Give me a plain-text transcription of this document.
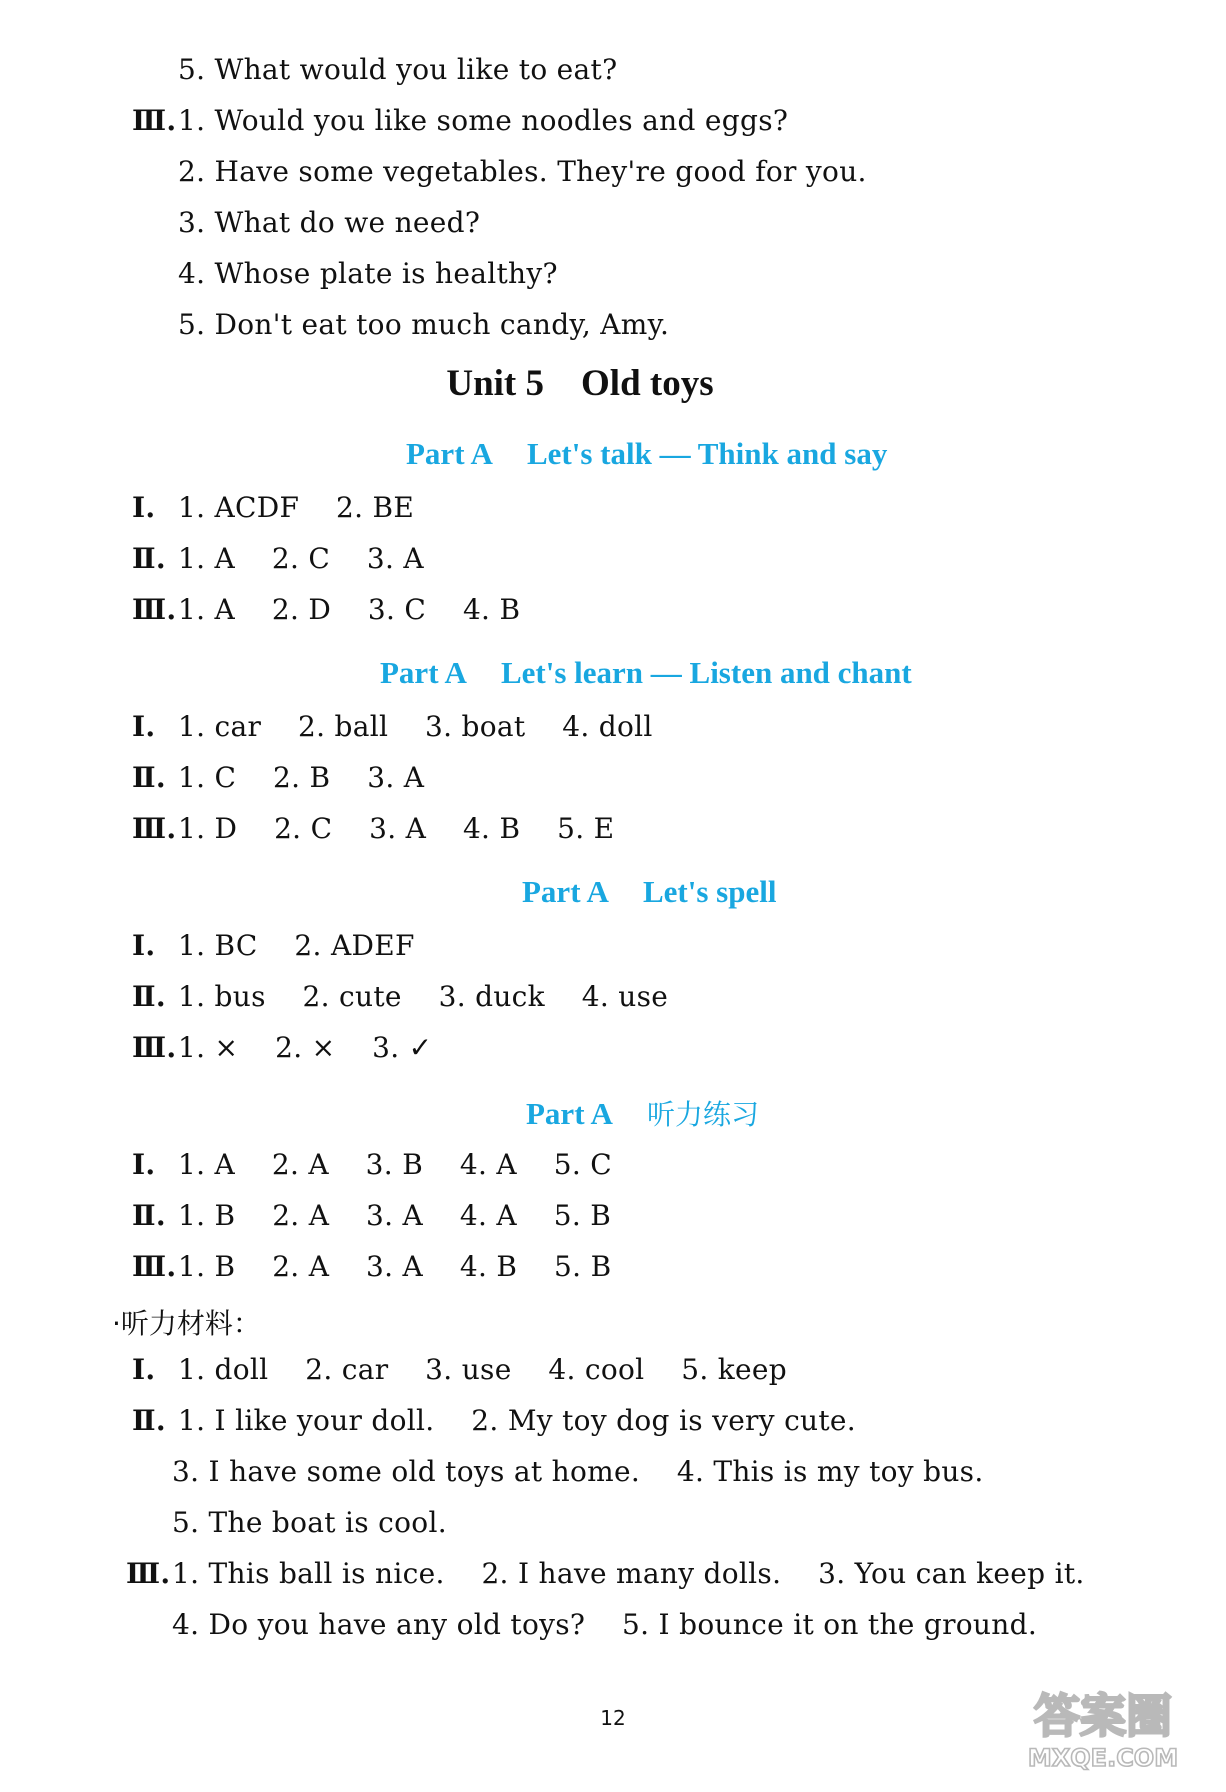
5. What would you like to eat?
Ⅲ.1. Would you like some noodles and eggs?
2. Have some vegetables. They're good for you.
3. What do we need?
4. Whose plate is healthy?
5. Don't eat too much candy, Amy.
Unit 5    Old toys
Part A Let's talk — Think and say
Ⅰ. 1. ACDF    2. BE
Ⅱ. 1. A    2. C    3. A
Ⅲ.1. A    2. D    3. C    4. B
Part A Let's learn — Listen and chant
Ⅰ. 1. car    2. ball    3. boat    4. doll
Ⅱ. 1. C    2. B    3. A
Ⅲ.1. D    2. C    3. A    4. B    5. E
Part A Let's spell
Ⅰ. 1. BC    2. ADEF
Ⅱ. 1. bus    2. cute    3. duck    4. use
Ⅲ.1. ×    2. ×    3. ✓
Part A 听力练习
Ⅰ. 1. A    2. A    3. B    4. A    5. C
Ⅱ. 1. B    2. A    3. A    4. A    5. B
Ⅲ.1. B    2. A    3. A    4. B    5. B
·听力材料：
Ⅰ. 1. doll    2. car    3. use    4. cool    5. keep
Ⅱ. 1. I like your doll.    2. My toy dog is very cute.
3. I have some old toys at home.    4. This is my toy bus.
5. The boat is cool.
Ⅲ.1. This ball is nice.    2. I have many dolls.    3. You can keep it.
4. Do you have any old toys?    5. I bounce it on the ground.
12	答案圈
MXQE.COM
